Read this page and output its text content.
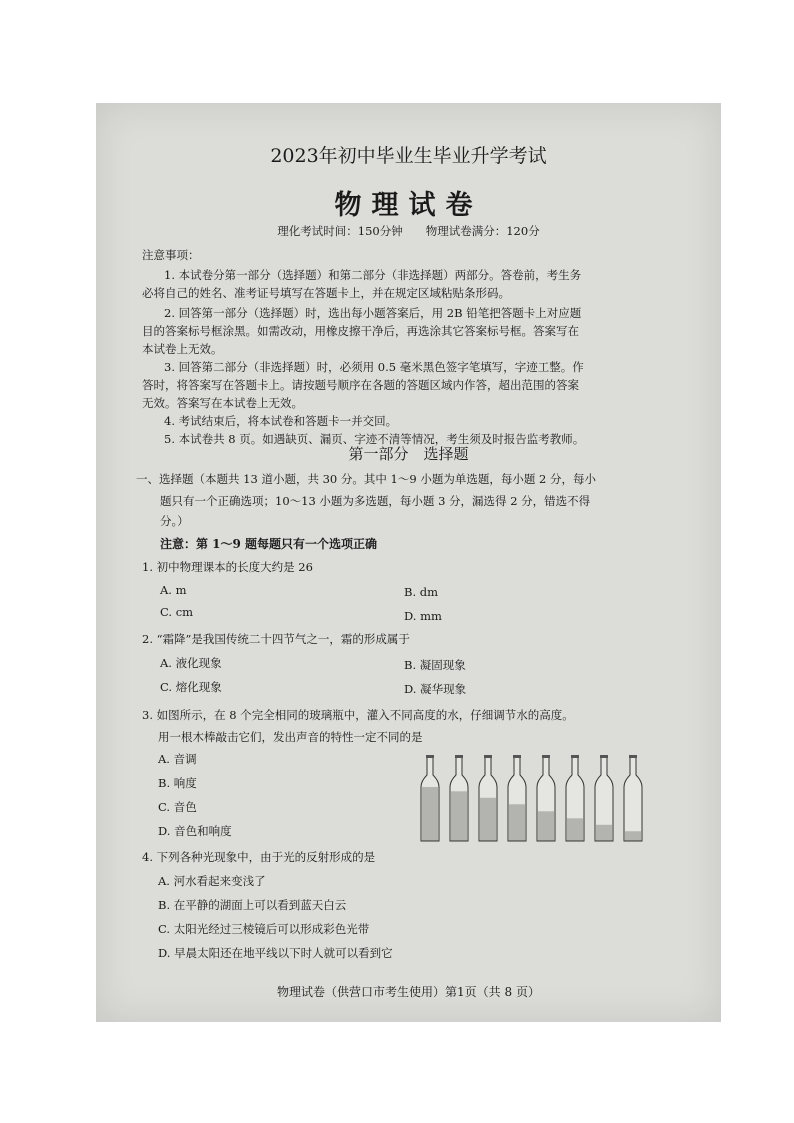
2023年初中毕业生毕业升学考试
物理试卷
理化考试时间：150分钟　　物理试卷满分：120分
注意事项：
1. 本试卷分第一部分（选择题）和第二部分（非选择题）两部分。答卷前，考生务
必将自己的姓名、准考证号填写在答题卡上，并在规定区域粘贴条形码。
2. 回答第一部分（选择题）时，选出每小题答案后，用 2B 铅笔把答题卡上对应题
目的答案标号框涂黑。如需改动，用橡皮擦干净后，再选涂其它答案标号框。答案写在
本试卷上无效。
3. 回答第二部分（非选择题）时，必须用 0.5 毫米黑色签字笔填写，字迹工整。作
答时，将答案写在答题卡上。请按题号顺序在各题的答题区域内作答，超出范围的答案
无效。答案写在本试卷上无效。
4. 考试结束后，将本试卷和答题卡一并交回。
5. 本试卷共 8 页。如遇缺页、漏页、字迹不清等情况，考生须及时报告监考教师。
第一部分　选择题
一、选择题（本题共 13 道小题，共 30 分。其中 1～9 小题为单选题，每小题 2 分，每小
题只有一个正确选项；10～13 小题为多选题，每小题 3 分，漏选得 2 分，错选不得
分。）
注意：第 1～9 题每题只有一个选项正确
1. 初中物理课本的长度大约是 26
A. m	B. dm
C. cm	D. mm
2. “霜降”是我国传统二十四节气之一，霜的形成属于
A. 液化现象	B. 凝固现象
C. 熔化现象	D. 凝华现象
3. 如图所示，在 8 个完全相同的玻璃瓶中，灌入不同高度的水，仔细调节水的高度。
用一根木棒敲击它们，发出声音的特性一定不同的是
A. 音调
B. 响度
C. 音色
D. 音色和响度
4. 下列各种光现象中，由于光的反射形成的是
A. 河水看起来变浅了
B. 在平静的湖面上可以看到蓝天白云
C. 太阳光经过三棱镜后可以形成彩色光带
D. 早晨太阳还在地平线以下时人就可以看到它
物理试卷（供营口市考生使用）第1页（共 8 页）
